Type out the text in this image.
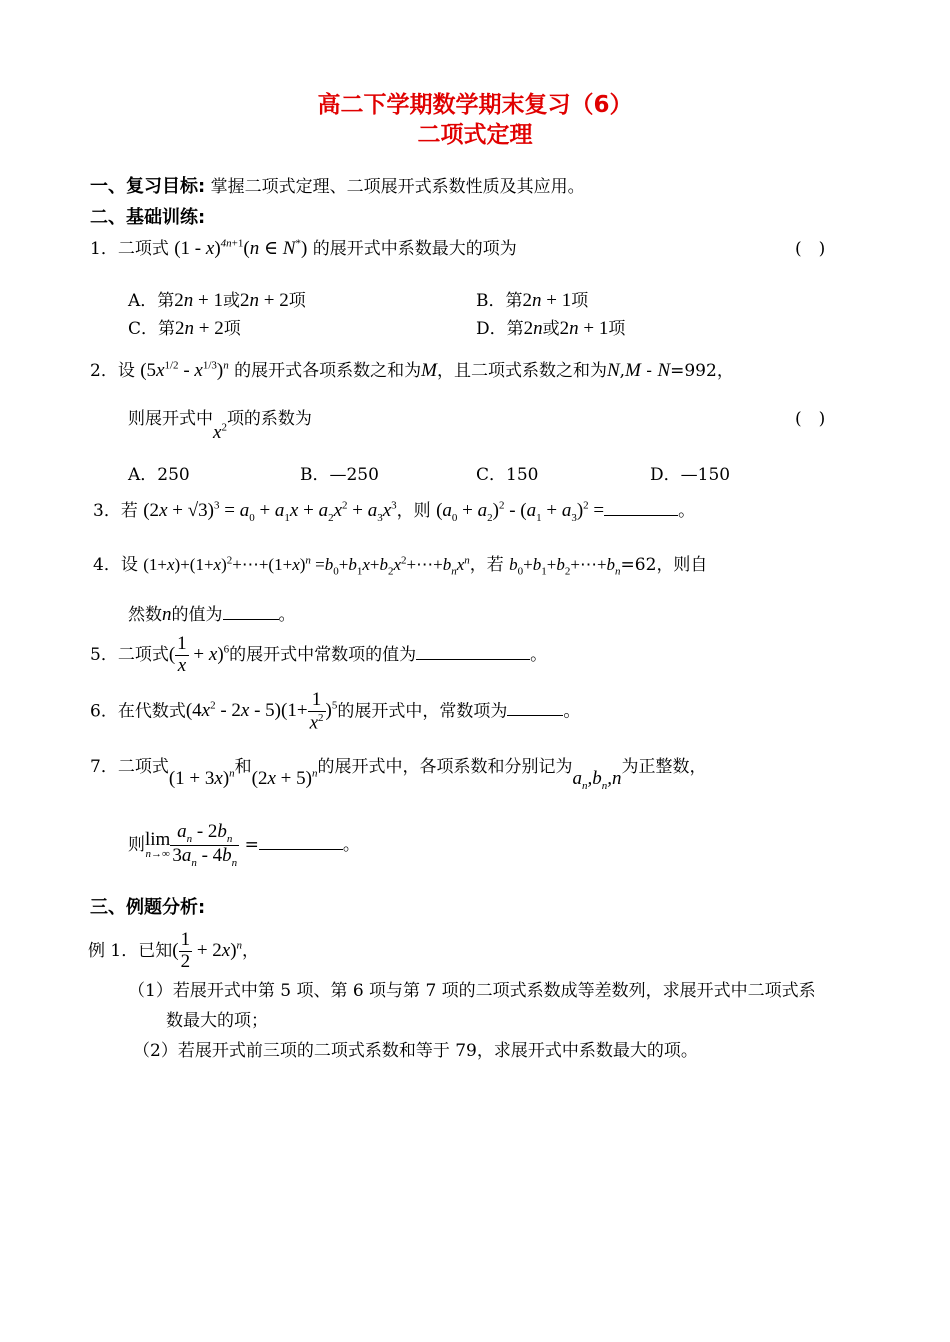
高二下学期数学期末复习（6）
二项式定理
一、复习目标: 掌握二项式定理、二项展开式系数性质及其应用。
二、基础训练:
1．二项式 (1 - x)$^{4n+1}$(n ∈ N*) 的展开式中系数最大的项为	(　)
A．第2n + 1或2n + 2项	B．第2n + 1项
C．第2n + 2项	D．第2n或2n + 1项
2．设 $(5x^{1/2} - x^{1/3})^n$ 的展开式各项系数之和为M，且二项式系数之和为N,M - N=992，
则展开式中$x^2$项的系数为	(　)
A．250	B．—250	C．150	D．—150
3．若 $(2x + √3)^3 = a_0 + a_1x + a_2x^2 + a_3x^3$，则 $(a_0 + a_2)^2 - (a_1 + a_3)^2$ =	。
4．设 $(1+x)+(1+x)^2+\cdots+(1+x)^n$ $=b_0+b_1x+b_2x^2+\cdots+b_nx^n$，若 $b_0+b_1+b_2+\cdots+b_n=62$，则自
然数n的值为	。
5．二项式( $\frac{1}{x} + x)^6$的展开式中常数项的值为	。
6．在代数式$(4x^2 - 2x - 5)(1+ \frac{1}{x^2} )^5$的展开式中，常数项为	。
7．二项式$(1 + 3x)^n$和$(2x + 5)^n$的展开式中，各项系数和分别记为$a_n,b_n,n$为正整数，
则lim
$n\to\infty \frac{a_n - 2b_n}{3a_n - 4b_n}$ =	。
三、例题分析:
例 1．已知( $\frac{1}{2} + 2x)^n$，
（1）若展开式中第 5 项、第 6 项与第 7 项的二项式系数成等差数列，求展开式中二项式系
数最大的项；
（2）若展开式前三项的二项式系数和等于 79，求展开式中系数最大的项。
